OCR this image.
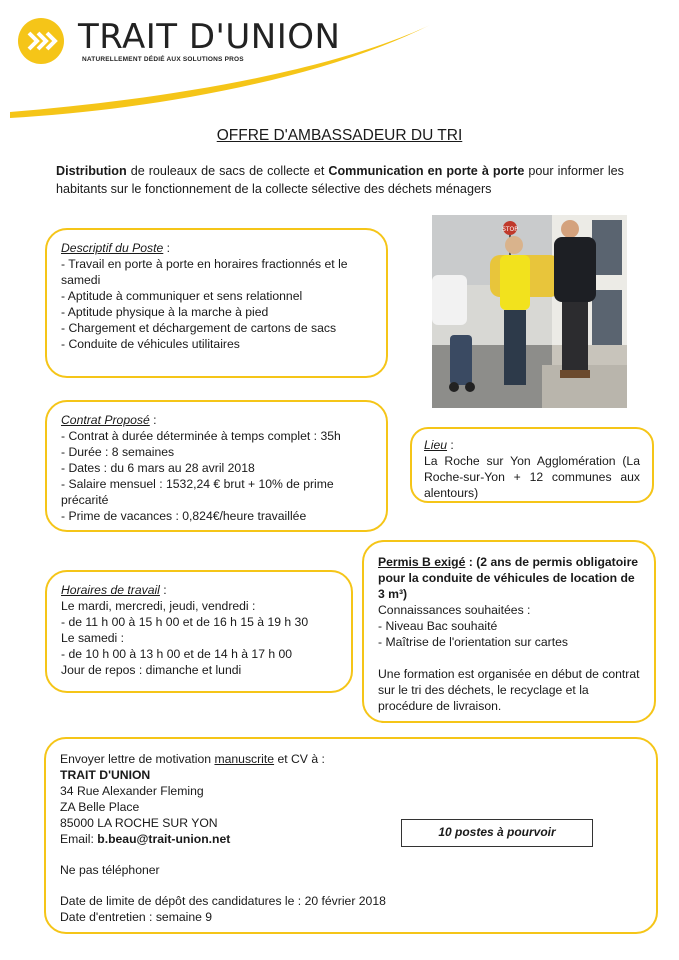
TRAIT D'UNION
NATURELLEMENT DÉDIÉ AUX SOLUTIONS PROS
OFFRE D'AMBASSADEUR DU TRI
Distribution de rouleaux de sacs de collecte et Communication en porte à porte pour informer les habitants sur le fonctionnement de la collecte sélective des déchets ménagers
Descriptif du Poste :
- Travail en porte à porte en horaires fractionnés et le samedi
- Aptitude à communiquer et sens relationnel
- Aptitude physique à la marche à pied
- Chargement et déchargement de cartons de sacs
- Conduite de véhicules utilitaires
STOP
Contrat Proposé :
- Contrat à durée déterminée à temps complet : 35h
- Durée : 8 semaines
- Dates : du 6 mars au 28 avril 2018
- Salaire mensuel : 1532,24 € brut + 10% de prime précarité
- Prime de vacances : 0,824€/heure travaillée
Lieu :
La Roche sur Yon Agglomération (La Roche-sur-Yon + 12 communes aux alentours)
Permis B exigé : (2 ans de permis obligatoire pour la conduite de véhicules de location de 3 m³)
Connaissances souhaitées :
- Niveau Bac souhaité
- Maîtrise de l'orientation sur cartes
Une formation est organisée en début de contrat sur le tri des déchets, le recyclage et la procédure de livraison.
Horaires de travail :
Le mardi, mercredi, jeudi, vendredi :
- de 11 h 00 à 15 h 00 et de 16 h 15 à 19 h 30
Le samedi :
- de 10 h 00 à 13 h 00 et de 14 h à 17 h 00
Jour de repos : dimanche et lundi
Envoyer lettre de motivation manuscrite et CV à :
TRAIT D'UNION
34 Rue Alexander Fleming
ZA Belle Place
85000 LA ROCHE SUR YON
Email: b.beau@trait-union.net
Ne pas téléphoner
Date de limite de dépôt des candidatures le : 20 février 2018
Date d'entretien : semaine 9
10 postes à pourvoir
